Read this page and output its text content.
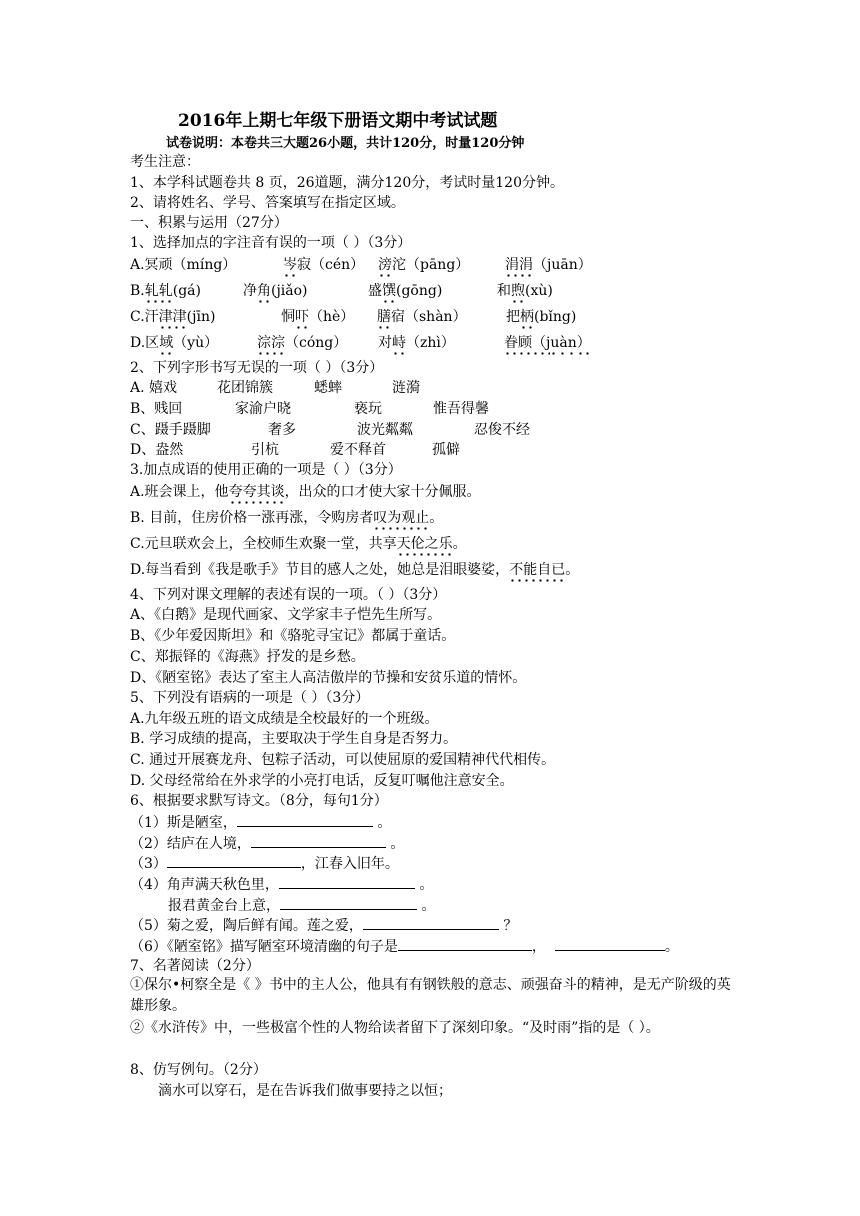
2016年上期七年级下册语文期中考试试题
试卷说明：本卷共三大题26小题，共计120分，时量120分钟
考生注意：
1、本学科试题卷共 8 页，26道题，满分120分，考试时量120分钟。
2、请将姓名、学号、答案填写在指定区域。
一、积累与运用（27分）
1、选择加点的字注音有误的一项（ ）（3分）
A.冥顽（míng）	岑寂（cén） 滂沱（pāng）	涓涓（juān）
B.轧轧(gá)	净角(jiǎo)	盛馔(gōng)	和煦(xù)
C.汗津津(jīn)	恫吓（hè） 膳宿（shàn）	把柄(bǐng)
D.区域（yù）	淙淙（cóng） 对峙（zhì）	眷顾（juàn）
2、下列字形书写无误的一项（ ）（3分）
A. 嬉戏	花团锦簇	蟋蟀	涟漪
B、贱回	家渝户晓	亵玩	惟吾得馨
C、蹑手蹑脚	奢多	波光粼粼	忍俊不经
D、盎然	引杭	爱不释首	孤僻
3.加点成语的使用正确的一项是（ ）（3分）
A.班会课上，他夸夸其谈，出众的口才使大家十分佩服。
B. 目前，住房价格一涨再涨，令购房者叹为观止。
C.元旦联欢会上，全校师生欢聚一堂，共享天伦之乐。
D.每当看到《我是歌手》节目的感人之处，她总是泪眼婆娑，不能自已。
4、下列对课文理解的表述有误的一项。（ ）（3分）
A、《白鹅》是现代画家、文学家丰子恺先生所写。
B、《少年爱因斯坦》和《骆驼寻宝记》都属于童话。
C、郑振铎的《海燕》抒发的是乡愁。
D、《陋室铭》表达了室主人高洁傲岸的节操和安贫乐道的情怀。
5、下列没有语病的一项是（ ）（3分）
A.九年级五班的语文成绩是全校最好的一个班级。
B. 学习成绩的提高，主要取决于学生自身是否努力。
C. 通过开展赛龙舟、包粽子活动，可以使屈原的爱国精神代代相传。
D. 父母经常给在外求学的小亮打电话，反复叮嘱他注意安全。
6、根据要求默写诗文。（8分，每句1分）
（1）斯是陋室，	。
（2）结庐在人境，	。
（3）	，江春入旧年。
（4）角声满天秋色里，	。
报君黄金台上意，	。
（5）菊之爱，陶后鲜有闻。莲之爱，	？
（6）《陋室铭》描写陋室环境清幽的句子是	，	。
7、名著阅读（2分）
①保尔•柯察全是《 》书中的主人公，他具有有钢铁般的意志、顽强奋斗的精神，是无产阶级的英雄形象。
②《水浒传》中，一些极富个性的人物给读者留下了深刻印象。“及时雨”指的是（ ）。
8、仿写例句。（2分）
滴水可以穿石，是在告诉我们做事要持之以恒；
